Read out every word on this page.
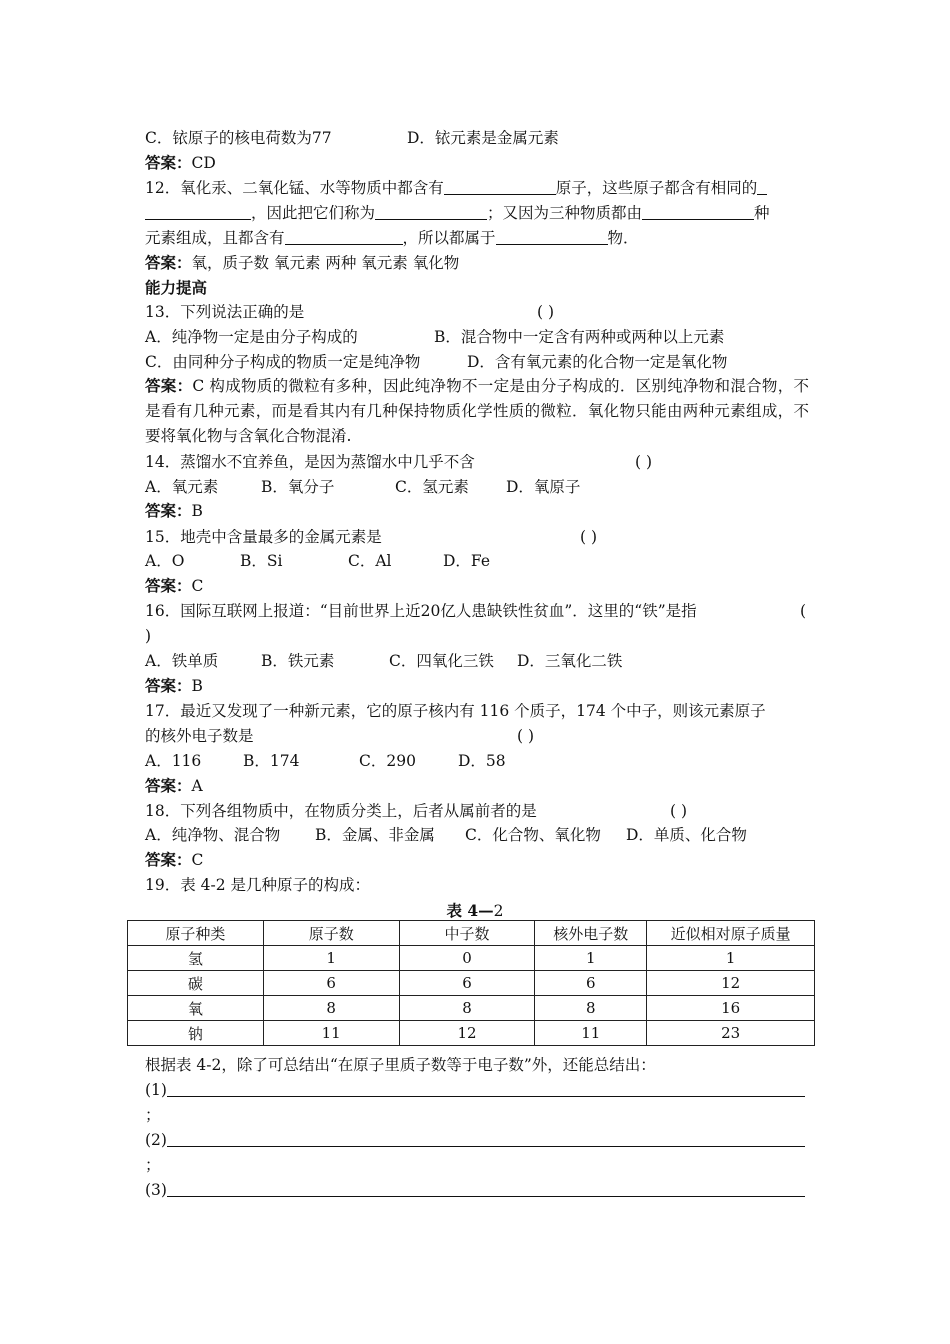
C．铱原子的核电荷数为77	D．铱元素是金属元素
答案：CD
12．氧化汞、二氧化锰、水等物质中都含有	原子，这些原子都含有相同的
，因此把它们称为	；又因为三种物质都由	种
元素组成，且都含有	，所以都属于	物．
答案：氧，质子数 氧元素 两种 氧元素 氧化物
能力提高
13．下列说法正确的是	( )
A．纯净物一定是由分子构成的	B．混合物中一定含有两种或两种以上元素
C．由同种分子构成的物质一定是纯净物	D．含有氧元素的化合物一定是氧化物
答案：C 构成物质的微粒有多种，因此纯净物不一定是由分子构成的．区别纯净物和混合物，不是看有几种元素，而是看其内有几种保持物质化学性质的微粒．氧化物只能由两种元素组成，不要将氧化物与含氧化合物混淆.
14．蒸馏水不宜养鱼，是因为蒸馏水中几乎不含	( )
A．氧元素	B．氧分子	C．氢元素 D．氧原子
答案：B
15．地壳中含量最多的金属元素是	( )
A．O	B．Si	C．Al	D．Fe
答案：C
16．国际互联网上报道：“目前世界上近20亿人患缺铁性贫血”．这里的“铁”是指	(
)
A．铁单质	B．铁元素	C．四氧化三铁 D．三氧化二铁
答案：B
17．最近又发现了一种新元素，它的原子核内有 116 个质子，174 个中子，则该元素原子
的核外电子数是	( )
A．116	B．174	C．290	D．58
答案：A
18．下列各组物质中，在物质分类上，后者从属前者的是	( )
A．纯净物、混合物 B．金属、非金属 C．化合物、氧化物 D．单质、化合物
答案：C
19．表 4-2 是几种原子的构成：
表 4—2
原子种类	原子数	中子数	核外电子数	近似相对原子质量
氢	1	0	1	1
碳	6	6	6	12
氧	8	8	8	16
钠	11	12	11	23
根据表 4-2，除了可总结出“在原子里质子数等于电子数”外，还能总结出：
(1)
；
(2)
；
(3)
